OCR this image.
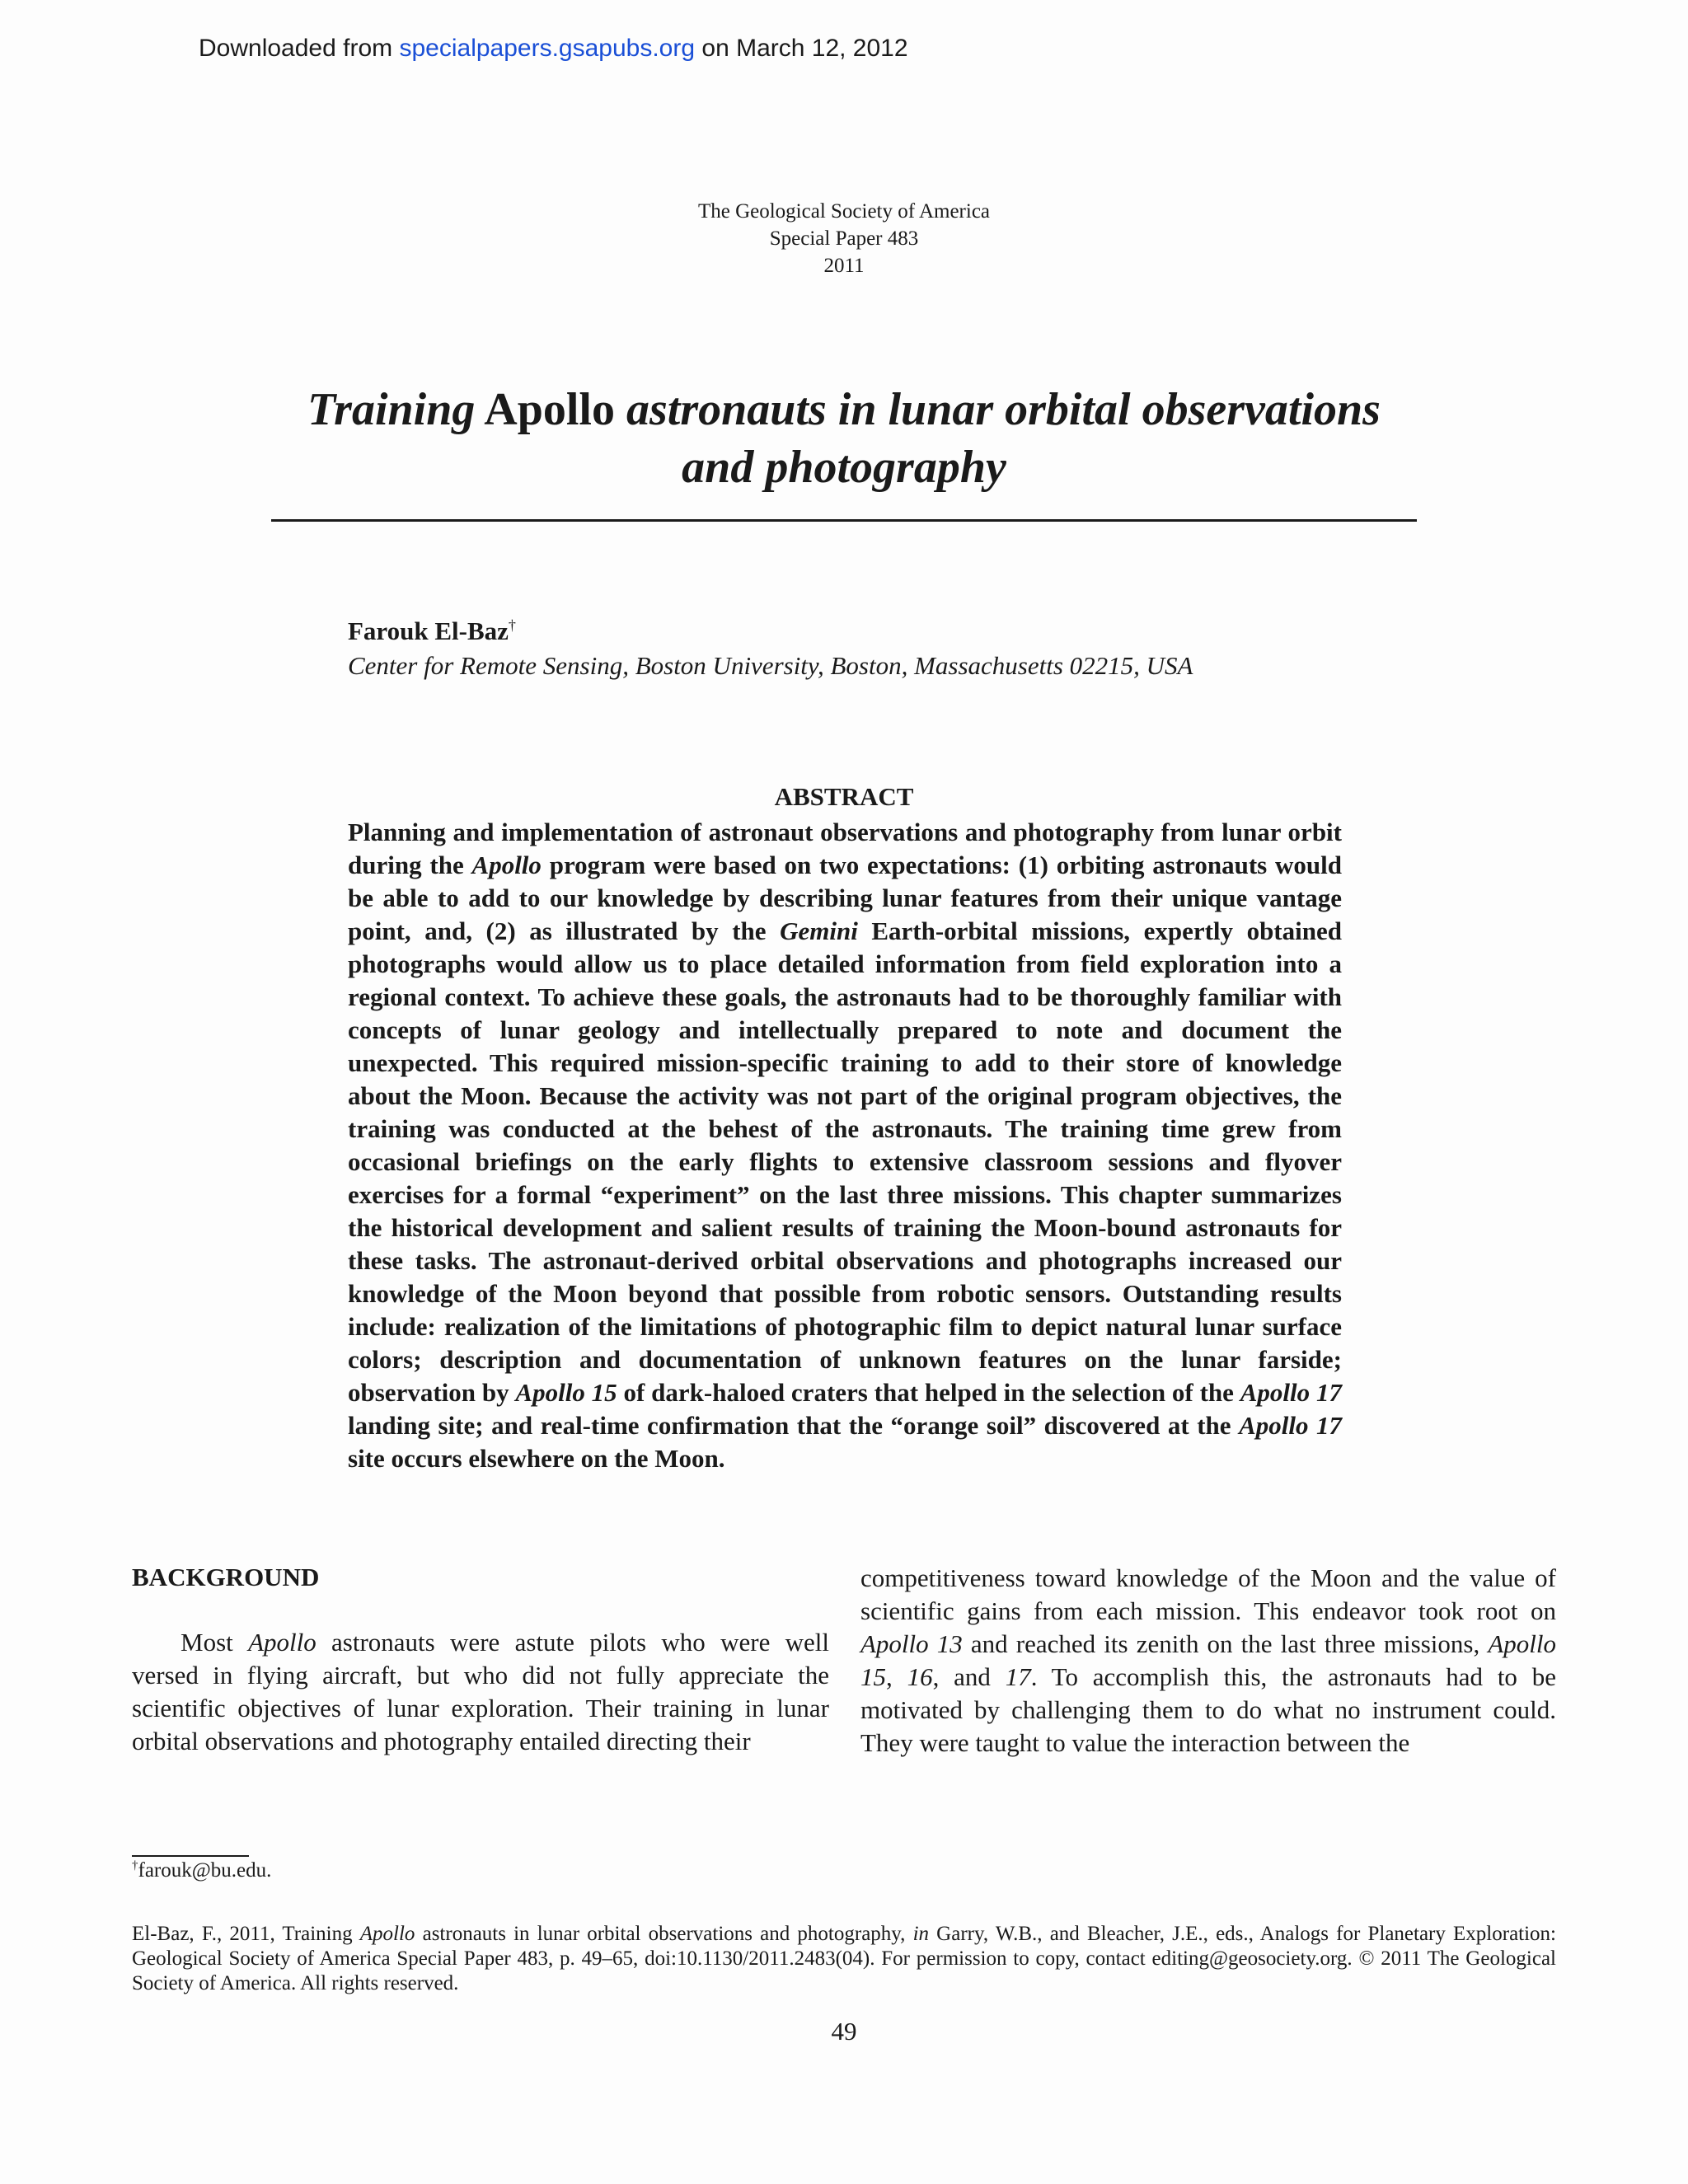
Downloaded from specialpapers.gsapubs.org on March 12, 2012
The Geological Society of America
Special Paper 483
2011
Training Apollo astronauts in lunar orbital observations
and photography
Farouk El-Baz†
Center for Remote Sensing, Boston University, Boston, Massachusetts 02215, USA
ABSTRACT

Planning and implementation of astronaut observations and photography from lunar orbit during the Apollo program were based on two expectations: (1) orbiting astronauts would be able to add to our knowledge by describing lunar features from their unique vantage point, and, (2) as illustrated by the Gemini Earth-orbital missions, expertly obtained photographs would allow us to place detailed information from field exploration into a regional context. To achieve these goals, the astronauts had to be thoroughly familiar with concepts of lunar geology and intellectually prepared to note and document the unexpected. This required mission-specific training to add to their store of knowledge about the Moon. Because the activity was not part of the original program objectives, the training was conducted at the behest of the astronauts. The training time grew from occasional briefings on the early flights to extensive classroom sessions and flyover exercises for a formal “experiment” on the last three missions. This chapter summarizes the historical development and salient results of training the Moon-bound astronauts for these tasks. The astronaut-derived orbital observations and photographs increased our knowledge of the Moon beyond that possible from robotic sensors. Outstanding results include: realization of the limitations of photographic film to depict natural lunar surface colors; description and documentation of unknown features on the lunar farside; observation by Apollo 15 of dark-haloed craters that helped in the selection of the Apollo 17 landing site; and real-time confirmation that the “orange soil” discovered at the Apollo 17 site occurs elsewhere on the Moon.

BACKGROUND

Most Apollo astronauts were astute pilots who were well versed in flying aircraft, but who did not fully appreciate the scientific objectives of lunar exploration. Their training in lunar orbital observations and photography entailed directing their

competitiveness toward knowledge of the Moon and the value of scientific gains from each mission. This endeavor took root on Apollo 13 and reached its zenith on the last three missions, Apollo 15, 16, and 17. To accomplish this, the astronauts had to be motivated by challenging them to do what no instrument could. They were taught to value the interaction between the

†farouk@bu.edu.

El-Baz, F., 2011, Training Apollo astronauts in lunar orbital observations and photography, in Garry, W.B., and Bleacher, J.E., eds., Analogs for Planetary Exploration: Geological Society of America Special Paper 483, p. 49–65, doi:10.1130/2011.2483(04). For permission to copy, contact editing@geosociety.org. © 2011 The Geological Society of America. All rights reserved.

49
